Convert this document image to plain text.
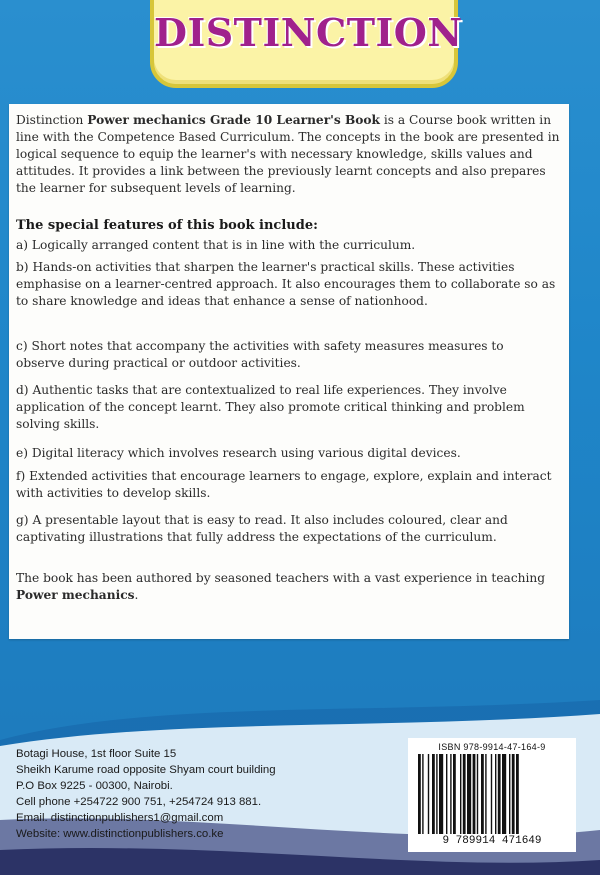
DISTINCTION

Distinction Power mechanics Grade 10 Learner's Book is a Course book written in line with the Competence Based Curriculum. The concepts in the book are presented in logical sequence to equip the learner's with necessary knowledge, skills values and attitudes. It provides a link between the previously learnt concepts and also prepares the learner for subsequent levels of learning.

The special features of this book include:

a) Logically arranged content that is in line with the curriculum.

b) Hands-on activities that sharpen the learner's practical skills. These activities emphasise on a learner-centred approach. It also encourages them to collaborate so as to share knowledge and ideas that enhance a sense of nationhood.

c) Short notes that accompany the activities with safety measures measures to observe during practical or outdoor activities.

d) Authentic tasks that are contextualized to real life experiences. They involve application of the concept learnt. They also promote critical thinking and problem solving skills.

e) Digital literacy which involves research using various digital devices.

f) Extended activities that encourage learners to engage, explore, explain and interact with activities to develop skills.

g) A presentable layout that is easy to read. It also includes coloured, clear and captivating illustrations that fully address the expectations of the curriculum.

The book has been authored by seasoned teachers with a vast experience in teaching Power mechanics.

Botagi House, 1st floor Suite 15
Sheikh Karume road opposite Shyam court building
P.O Box 9225 - 00300, Nairobi.
Cell phone +254722 900 751, +254724 913 881.
Email. distinctionpublishers1@gmail.com
Website: www.distinctionpublishers.co.ke
ISBN 978-9914-47-164-9
9 789914 471649
